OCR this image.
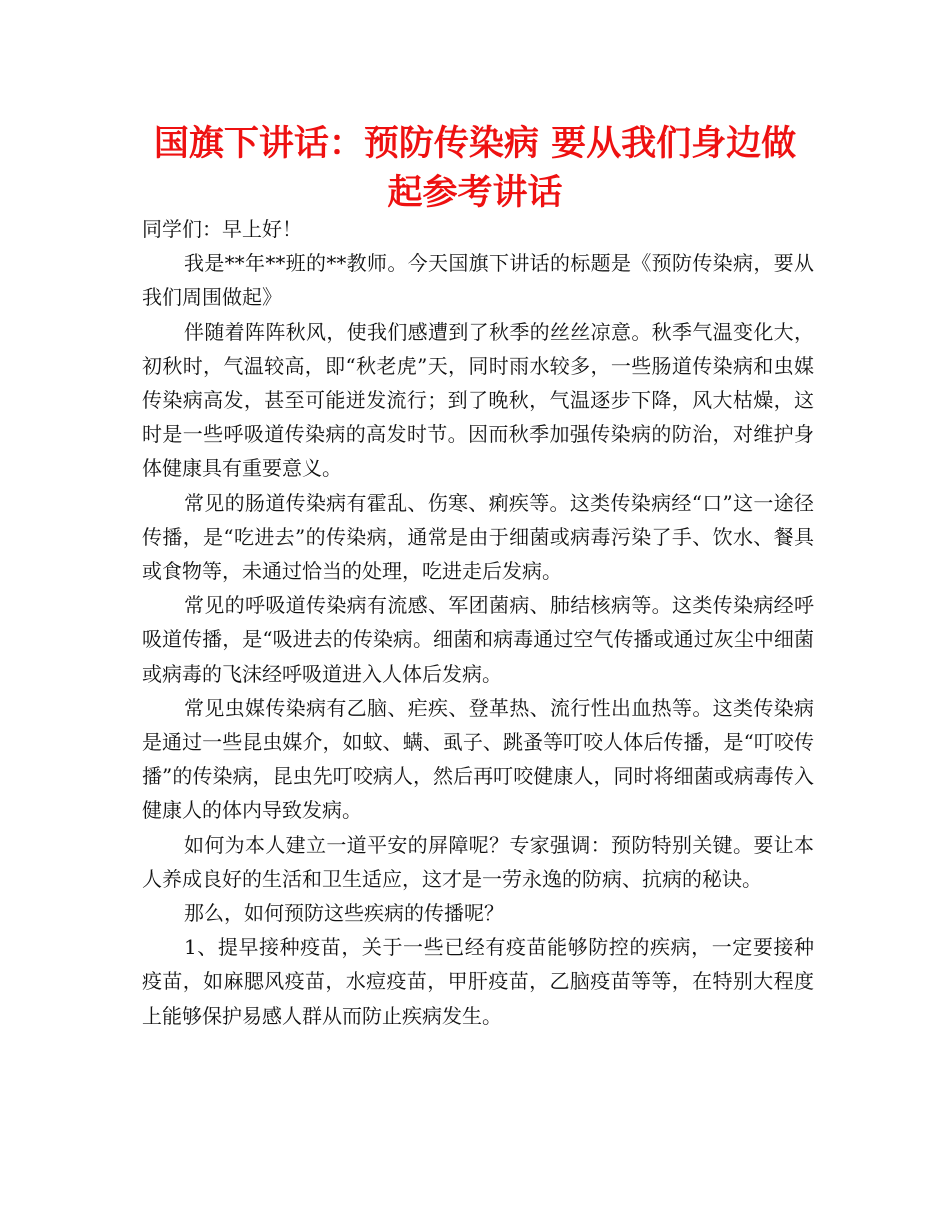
国旗下讲话：预防传染病 要从我们身边做
起参考讲话

同学们：早上好！

我是**年**班的**教师。今天国旗下讲话的标题是《预防传染病，要从我们周围做起》

伴随着阵阵秋风，使我们感遭到了秋季的丝丝凉意。秋季气温变化大，初秋时，气温较高，即“秋老虎”天，同时雨水较多，一些肠道传染病和虫媒传染病高发，甚至可能迸发流行；到了晚秋，气温逐步下降，风大枯燥，这时是一些呼吸道传染病的高发时节。因而秋季加强传染病的防治，对维护身体健康具有重要意义。

常见的肠道传染病有霍乱、伤寒、痢疾等。这类传染病经“口”这一途径传播，是“吃进去”的传染病，通常是由于细菌或病毒污染了手、饮水、餐具或食物等，未通过恰当的处理，吃进走后发病。

常见的呼吸道传染病有流感、军团菌病、肺结核病等。这类传染病经呼吸道传播，是“吸进去的传染病。细菌和病毒通过空气传播或通过灰尘中细菌或病毒的飞沫经呼吸道进入人体后发病。

常见虫媒传染病有乙脑、疟疾、登革热、流行性出血热等。这类传染病是通过一些昆虫媒介，如蚊、螨、虱子、跳蚤等叮咬人体后传播，是“叮咬传播”的传染病，昆虫先叮咬病人，然后再叮咬健康人，同时将细菌或病毒传入健康人的体内导致发病。

如何为本人建立一道平安的屏障呢？专家强调：预防特别关键。要让本人养成良好的生活和卫生适应，这才是一劳永逸的防病、抗病的秘诀。

那么，如何预防这些疾病的传播呢？

1、提早接种疫苗，关于一些已经有疫苗能够防控的疾病，一定要接种疫苗，如麻腮风疫苗，水痘疫苗，甲肝疫苗，乙脑疫苗等等，在特别大程度上能够保护易感人群从而防止疾病发生。
